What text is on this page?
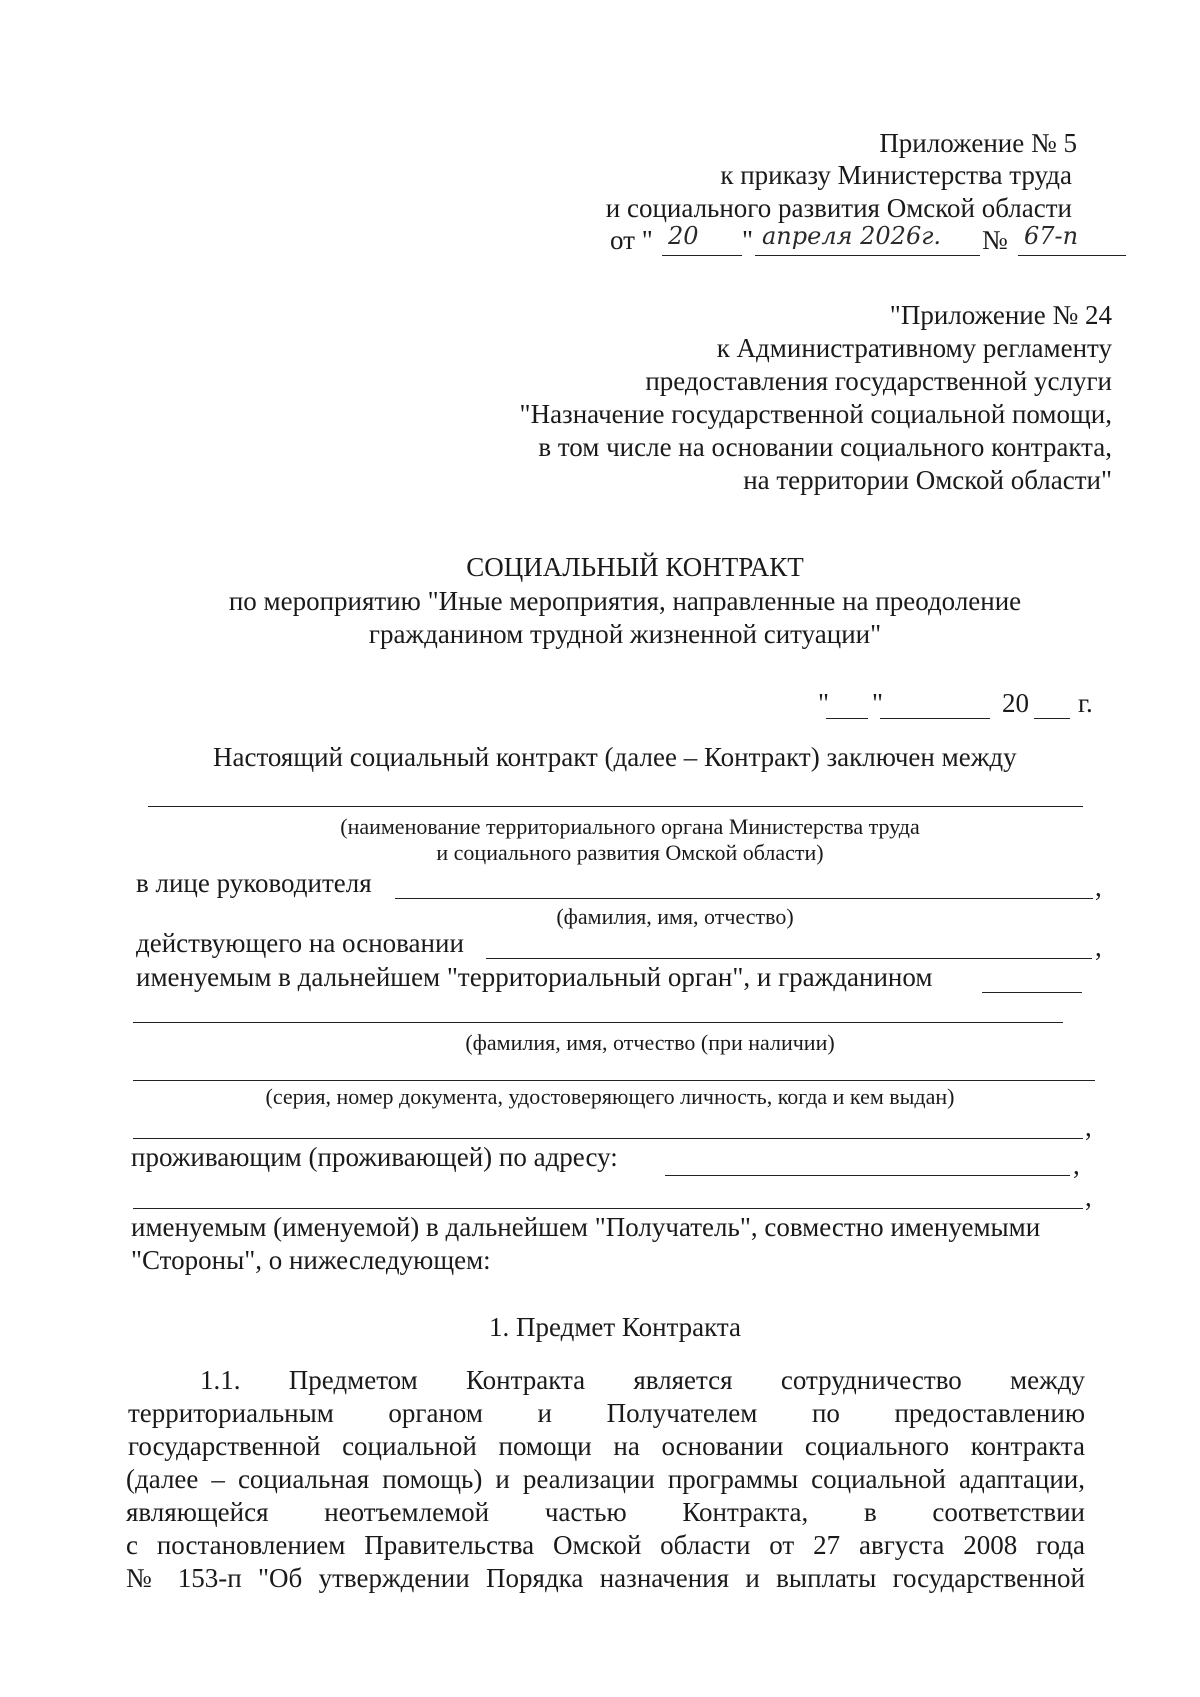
Приложение № 5
к приказу Министерства труда
и социального развития Омской области
от " 20 " апреля 2026г. № 67-п
"Приложение № 24
к Административному регламенту
предоставления государственной услуги
"Назначение государственной социальной помощи,
в том числе на основании социального контракта,
на территории Омской области"
СОЦИАЛЬНЫЙ КОНТРАКТ
по мероприятию "Иные мероприятия, направленные на преодоление
гражданином трудной жизненной ситуации"
" "	20 г.
Настоящий социальный контракт (далее – Контракт) заключен между
(наименование территориального органа Министерства труда
и социального развития Омской области)
в лице руководителя	,
(фамилия, имя, отчество)
действующего на основании	,
именуемым в дальнейшем "территориальный орган", и гражданином
(фамилия, имя, отчество (при наличии)
(серия, номер документа, удостоверяющего личность, когда и кем выдан)
,
проживающим (проживающей) по адресу:	,
,
именуемым (именуемой) в дальнейшем "Получатель", совместно именуемыми
"Стороны", о нижеследующем:
1. Предмет Контракта
1.1. Предметом Контракта является сотрудничество между
территориальным органом и Получателем по предоставлению
государственной социальной помощи на основании социального контракта
(далее – социальная помощь) и реализации программы социальной адаптации,
являющейся неотъемлемой частью Контракта, в соответствии
с постановлением Правительства Омской области от 27 августа 2008 года
№ 153-п "Об утверждении Порядка назначения и выплаты государственной
